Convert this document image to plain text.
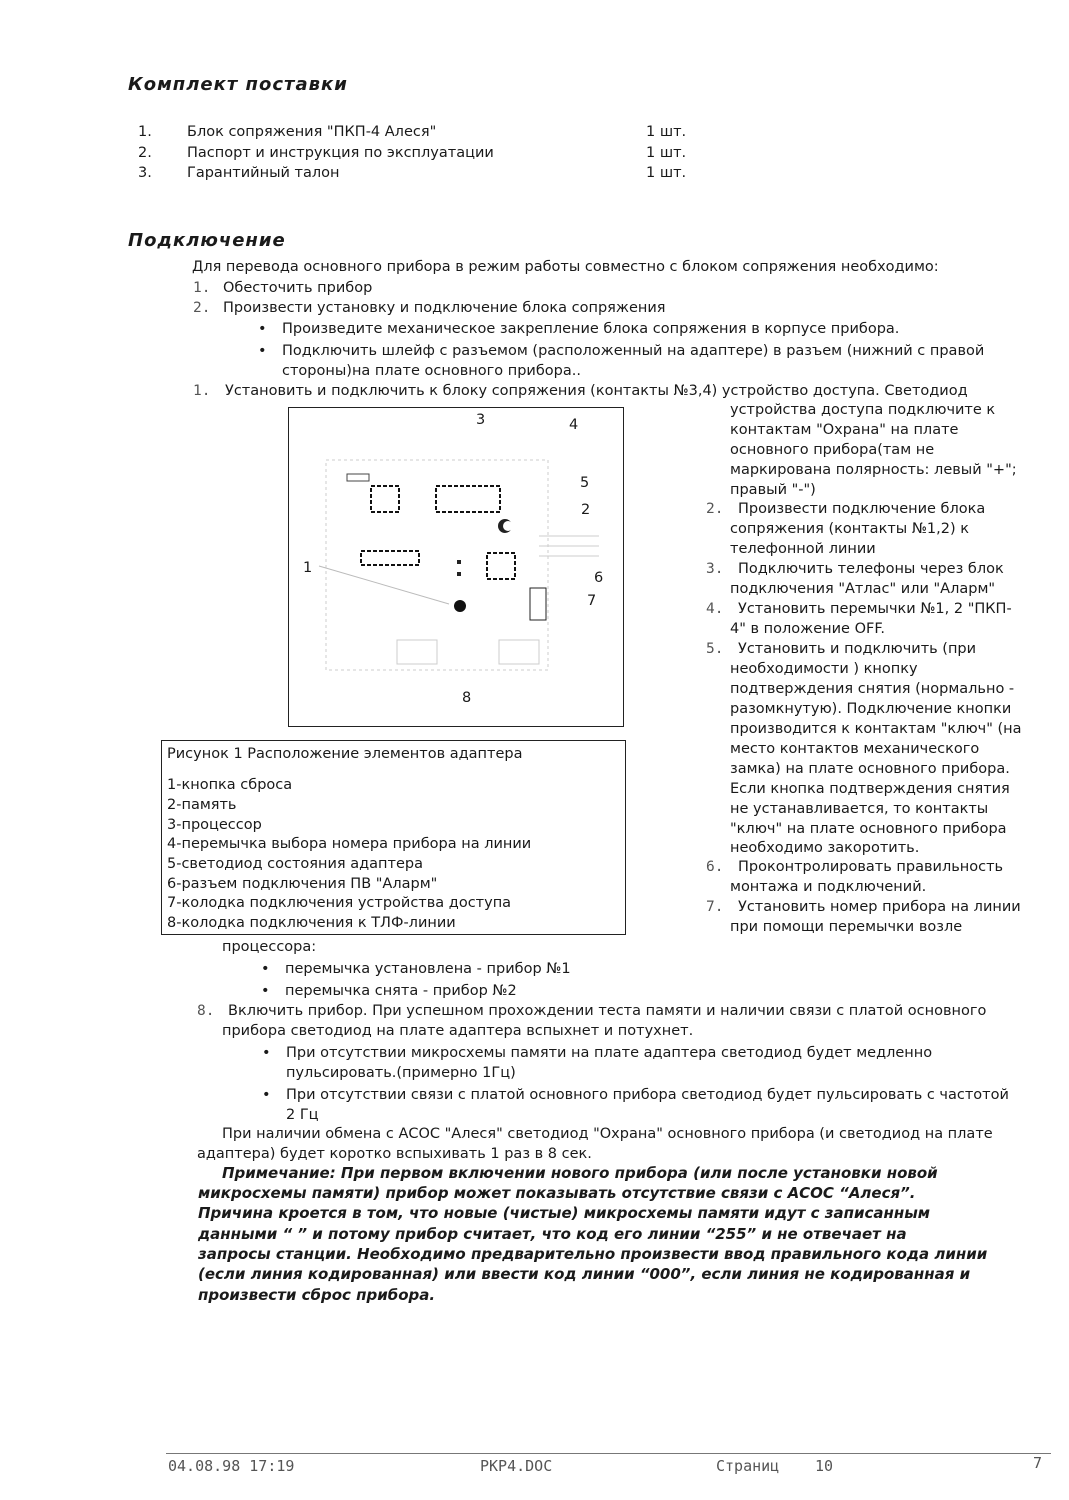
Комплект поставки
1. Блок сопряжения "ПКП-4 Алеся"	1 шт.
2. Паспорт и инструкция по эксплуатации	1 шт.
3. Гарантийный талон	1 шт.
Подключение
Для перевода основного прибора в режим работы совместно с блоком сопряжения необходимо:
1. Обесточить прибор
2. Произвести установку и подключение блока сопряжения
• Произведите механическое закрепление блока сопряжения в корпусе прибора.
• Подключить шлейф с разъемом (расположенный на адаптере) в разъем (нижний с правой
стороны)на плате основного прибора..
1. Установить и подключить к блоку сопряжения (контакты №3,4) устройство доступа. Светодиод
устройства доступа подключите к
контактам "Охрана" на плате
основного прибора(там не
маркирована полярность: левый "+";
правый "-")
2. Произвести подключение блока
сопряжения (контакты №1,2) к
телефонной линии
3. Подключить телефоны через блок
подключения "Атлас" или "Аларм"
4. Установить перемычки №1, 2 "ПКП-
4" в положение OFF.
5. Установить и подключить (при
необходимости ) кнопку
подтверждения снятия (нормально -
разомкнутую). Подключение кнопки
производится к контактам "ключ" (на
место контактов механического
замка) на плате основного прибора.
Если кнопка подтверждения снятия
не устанавливается, то контакты
"ключ" на плате основного прибора
необходимо закоротить.
6. Проконтролировать правильность
монтажа и подключений.
7. Установить номер прибора на линии
при помощи перемычки возле
3	4
5
2
1
6
7
8
Рисунок 1 Расположение элементов адаптера
1-кнопка сброса
2-память
3-процессор
4-перемычка выбора номера прибора на линии
5-светодиод состояния адаптера
6-разъем подключения ПВ "Аларм"
7-колодка подключения устройства доступа
8-колодка подключения к ТЛФ-линии
процессора:
• перемычка установлена - прибор №1
• перемычка снята - прибор №2
8. Включить прибор. При успешном прохождении теста памяти и наличии связи с платой основного
прибора светодиод на плате адаптера вспыхнет и потухнет.
• При отсутствии микросхемы памяти на плате адаптера светодиод будет медленно
пульсировать.(примерно 1Гц)
• При отсутствии связи с платой основного прибора светодиод будет пульсировать с частотой
2 Гц
При наличии обмена с АСОС "Алеся" светодиод "Охрана" основного прибора (и светодиод на плате
адаптера) будет коротко вспыхивать 1 раз в 8 сек.
Примечание: При первом включении нового прибора (или после установки новой
микросхемы памяти) прибор может показывать отсутствие связи с АСОС “Алеся”.
Причина кроется в том, что новые (чистые) микросхемы памяти идут с записанным
данными “ ” и потому прибор считает, что код его линии “255” и не отвечает на
запросы станции. Необходимо предварительно произвести ввод правильного кода линии
(если линия кодированная) или ввести код линии “000”, если линия не кодированная и
произвести сброс прибора.
04.08.98 17:19	PKP4.DOC	Страниц 10	7
